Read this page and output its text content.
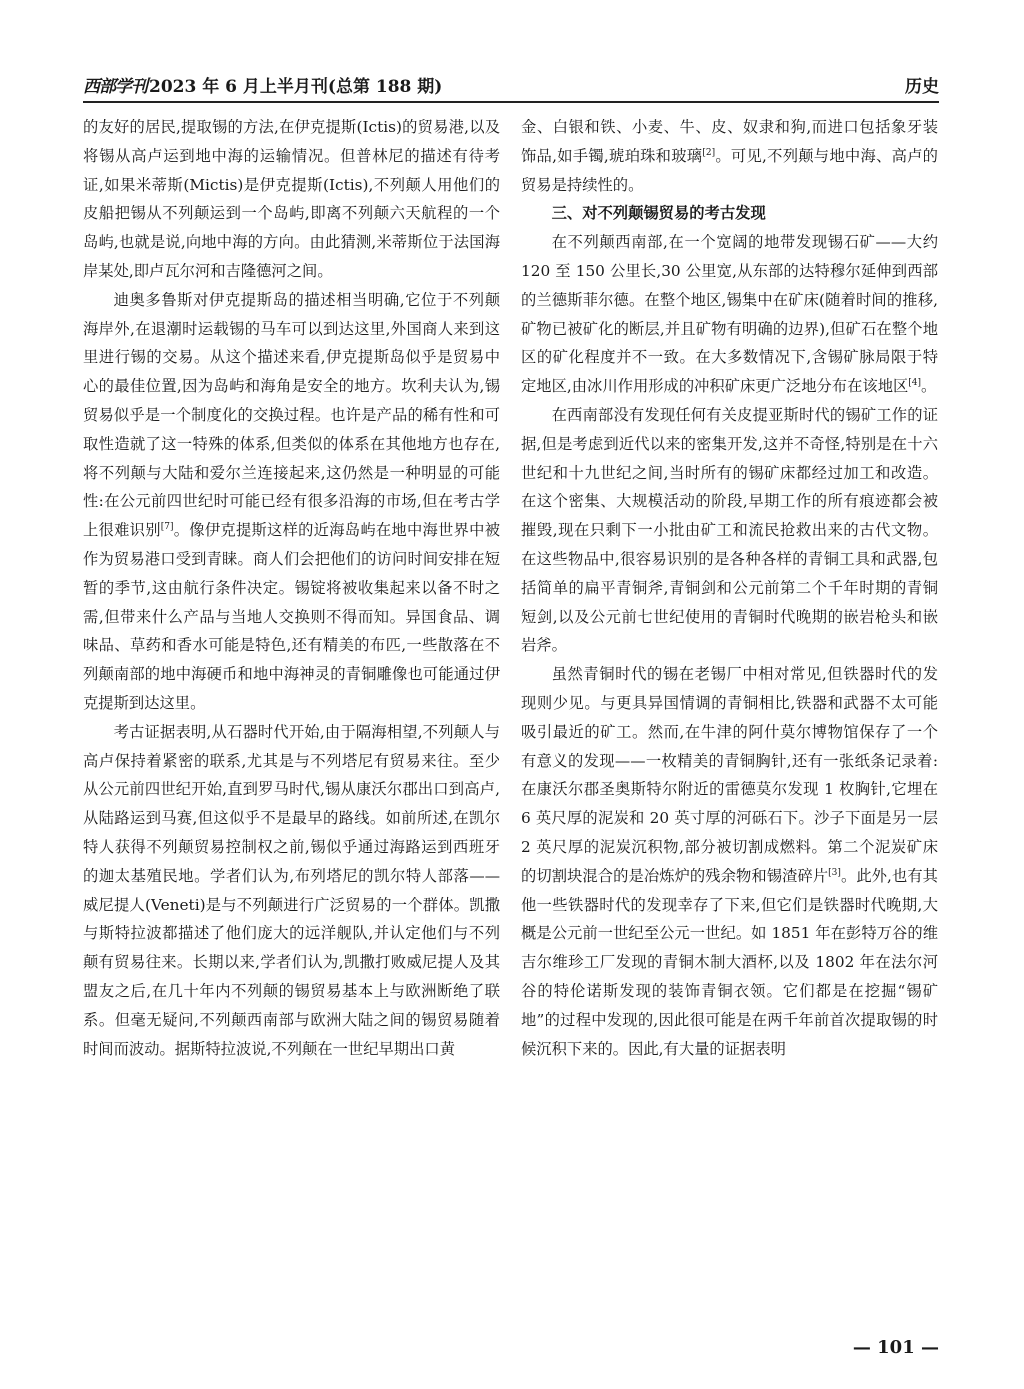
西部学刊 2023 年 6 月上半月刊(总第 188 期)	历史

的友好的居民,提取锡的方法,在伊克提斯(Ictis)的贸易港,以及将锡从高卢运到地中海的运输情况。但普林尼的描述有待考证,如果米蒂斯(Mictis)是伊克提斯(Ictis),不列颠人用他们的皮船把锡从不列颠运到一个岛屿,即离不列颠六天航程的一个岛屿,也就是说,向地中海的方向。由此猜测,米蒂斯位于法国海岸某处,即卢瓦尔河和吉隆德河之间。

迪奥多鲁斯对伊克提斯岛的描述相当明确,它位于不列颠海岸外,在退潮时运载锡的马车可以到达这里,外国商人来到这里进行锡的交易。从这个描述来看,伊克提斯岛似乎是贸易中心的最佳位置,因为岛屿和海角是安全的地方。坎利夫认为,锡贸易似乎是一个制度化的交换过程。也许是产品的稀有性和可取性造就了这一特殊的体系,但类似的体系在其他地方也存在,将不列颠与大陆和爱尔兰连接起来,这仍然是一种明显的可能性:在公元前四世纪时可能已经有很多沿海的市场,但在考古学上很难识别[7]。像伊克提斯这样的近海岛屿在地中海世界中被作为贸易港口受到青睐。商人们会把他们的访问时间安排在短暂的季节,这由航行条件决定。锡锭将被收集起来以备不时之需,但带来什么产品与当地人交换则不得而知。异国食品、调味品、草药和香水可能是特色,还有精美的布匹,一些散落在不列颠南部的地中海硬币和地中海神灵的青铜雕像也可能通过伊克提斯到达这里。

考古证据表明,从石器时代开始,由于隔海相望,不列颠人与高卢保持着紧密的联系,尤其是与不列塔尼有贸易来往。至少从公元前四世纪开始,直到罗马时代,锡从康沃尔郡出口到高卢,从陆路运到马赛,但这似乎不是最早的路线。如前所述,在凯尔特人获得不列颠贸易控制权之前,锡似乎通过海路运到西班牙的迦太基殖民地。学者们认为,布列塔尼的凯尔特人部落——威尼提人(Veneti)是与不列颠进行广泛贸易的一个群体。凯撒与斯特拉波都描述了他们庞大的远洋舰队,并认定他们与不列颠有贸易往来。长期以来,学者们认为,凯撒打败威尼提人及其盟友之后,在几十年内不列颠的锡贸易基本上与欧洲断绝了联系。但毫无疑问,不列颠西南部与欧洲大陆之间的锡贸易随着时间而波动。据斯特拉波说,不列颠在一世纪早期出口黄

金、白银和铁、小麦、牛、皮、奴隶和狗,而进口包括象牙装饰品,如手镯,琥珀珠和玻璃[2]。可见,不列颠与地中海、高卢的贸易是持续性的。

三、对不列颠锡贸易的考古发现

在不列颠西南部,在一个宽阔的地带发现锡石矿——大约 120 至 150 公里长,30 公里宽,从东部的达特穆尔延伸到西部的兰德斯菲尔德。在整个地区,锡集中在矿床(随着时间的推移,矿物已被矿化的断层,并且矿物有明确的边界),但矿石在整个地区的矿化程度并不一致。在大多数情况下,含锡矿脉局限于特定地区,由冰川作用形成的冲积矿床更广泛地分布在该地区[4]。

在西南部没有发现任何有关皮提亚斯时代的锡矿工作的证据,但是考虑到近代以来的密集开发,这并不奇怪,特别是在十六世纪和十九世纪之间,当时所有的锡矿床都经过加工和改造。在这个密集、大规模活动的阶段,早期工作的所有痕迹都会被摧毁,现在只剩下一小批由矿工和流民抢救出来的古代文物。在这些物品中,很容易识别的是各种各样的青铜工具和武器,包括简单的扁平青铜斧,青铜剑和公元前第二个千年时期的青铜短剑,以及公元前七世纪使用的青铜时代晚期的嵌岩枪头和嵌岩斧。

虽然青铜时代的锡在老锡厂中相对常见,但铁器时代的发现则少见。与更具异国情调的青铜相比,铁器和武器不太可能吸引最近的矿工。然而,在牛津的阿什莫尔博物馆保存了一个有意义的发现——一枚精美的青铜胸针,还有一张纸条记录着:在康沃尔郡圣奥斯特尔附近的雷德莫尔发现 1 枚胸针,它埋在 6 英尺厚的泥炭和 20 英寸厚的河砾石下。沙子下面是另一层 2 英尺厚的泥炭沉积物,部分被切割成燃料。第二个泥炭矿床的切割块混合的是冶炼炉的残余物和锡渣碎片[3]。此外,也有其他一些铁器时代的发现幸存了下来,但它们是铁器时代晚期,大概是公元前一世纪至公元一世纪。如 1851 年在彭特万谷的维吉尔维珍工厂发现的青铜木制大酒杯,以及 1802 年在法尔河谷的特伦诺斯发现的装饰青铜衣领。它们都是在挖掘“锡矿地”的过程中发现的,因此很可能是在两千年前首次提取锡的时候沉积下来的。因此,有大量的证据表明

— 101 —
